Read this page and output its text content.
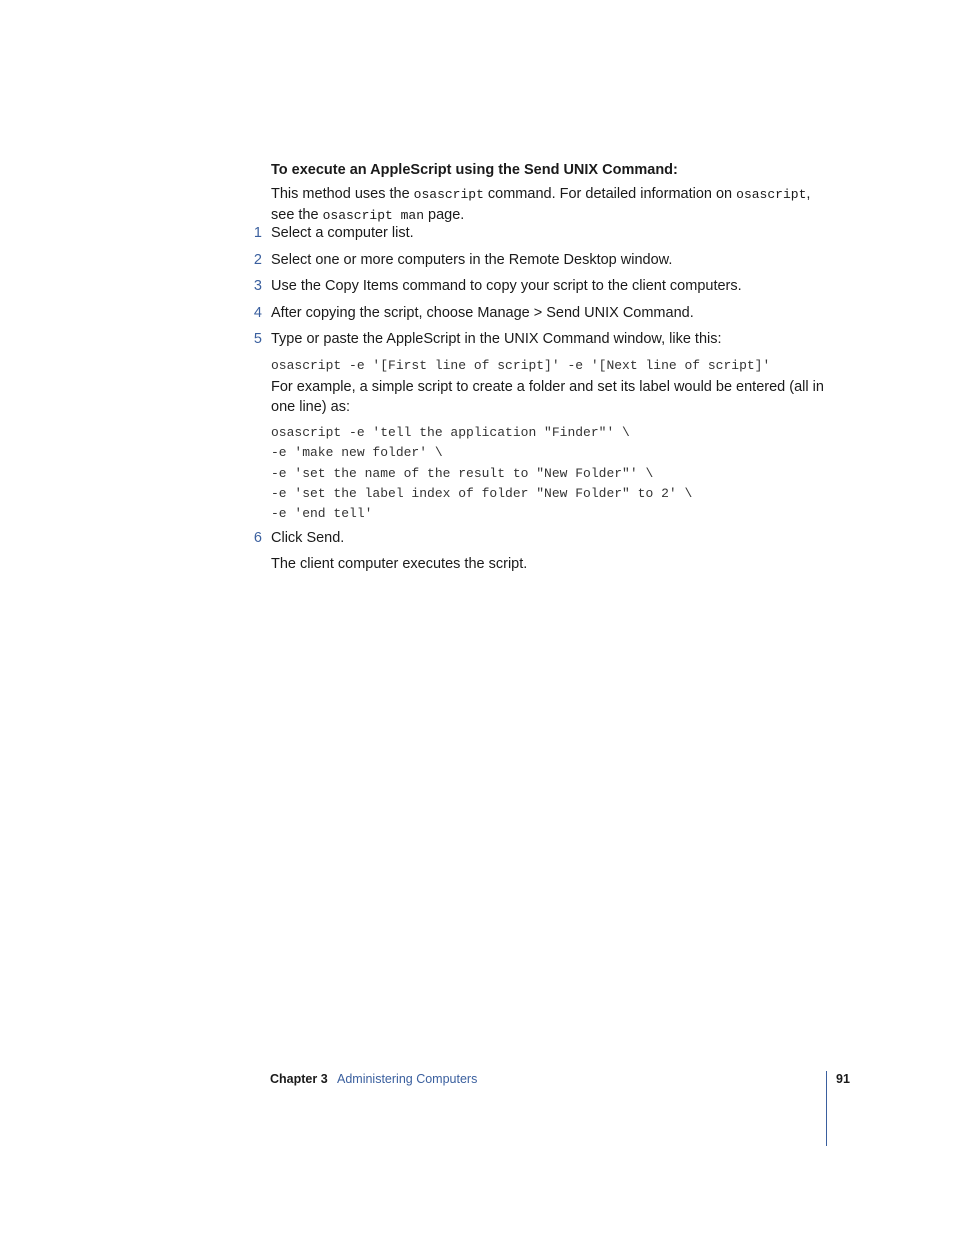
To execute an AppleScript using the Send UNIX Command:
This method uses the osascript command. For detailed information on osascript,
see the osascript man page.
1 Select a computer list.
2 Select one or more computers in the Remote Desktop window.
3 Use the Copy Items command to copy your script to the client computers.
4 After copying the script, choose Manage > Send UNIX Command.
5 Type or paste the AppleScript in the UNIX Command window, like this:
osascript -e '[First line of script]' -e '[Next line of script]'
For example, a simple script to create a folder and set its label would be entered (all in
one line) as:
osascript -e 'tell the application "Finder"' \
-e 'make new folder' \
-e 'set the name of the result to "New Folder"' \
-e 'set the label index of folder "New Folder" to 2' \
-e 'end tell'
6 Click Send.
The client computer executes the script.
Chapter 3 Administering Computers	91
